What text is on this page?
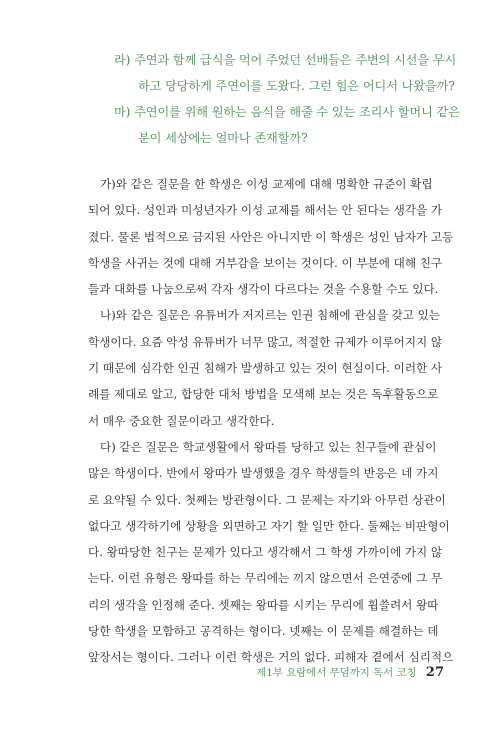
라) 주연과 함께 급식을 먹어 주었던 선배들은 주변의 시선을 무시
하고 당당하게 주연이를 도왔다. 그런 힘은 어디서 나왔을까?
마) 주연이를 위해 원하는 음식을 해줄 수 있는 조리사 할머니 같은
분이 세상에는 얼마나 존재할까?
가)와 같은 질문을 한 학생은 이성 교제에 대해 명확한 규준이 확립
되어 있다. 성인과 미성년자가 이성 교제를 해서는 안 된다는 생각을 가
졌다. 물론 법적으로 금지된 사안은 아니지만 이 학생은 성인 남자가 고등
학생을 사귀는 것에 대해 거부감을 보이는 것이다. 이 부분에 대해 친구
들과 대화를 나눔으로써 각자 생각이 다르다는 것을 수용할 수도 있다.
나)와 같은 질문은 유튜버가 저지르는 인권 침해에 관심을 갖고 있는
학생이다. 요즘 악성 유튜버가 너무 많고, 적절한 규제가 이루어지지 않
기 때문에 심각한 인권 침해가 발생하고 있는 것이 현실이다. 이러한 사
례를 제대로 알고, 합당한 대처 방법을 모색해 보는 것은 독후활동으로
서 매우 중요한 질문이라고 생각한다.
다) 같은 질문은 학교생활에서 왕따를 당하고 있는 친구들에 관심이
많은 학생이다. 반에서 왕따가 발생했을 경우 학생들의 반응은 네 가지
로 요약될 수 있다. 첫째는 방관형이다. 그 문제는 자기와 아무런 상관이
없다고 생각하기에 상황을 외면하고 자기 할 일만 한다. 둘째는 비판형이
다. 왕따당한 친구는 문제가 있다고 생각해서 그 학생 가까이에 가지 않
는다. 이런 유형은 왕따를 하는 무리에는 끼지 않으면서 은연중에 그 무
리의 생각을 인정해 준다. 셋째는 왕따를 시키는 무리에 휩쓸려서 왕따
당한 학생을 모함하고 공격하는 형이다. 넷째는 이 문제를 해결하는 데
앞장서는 형이다. 그러나 이런 학생은 거의 없다. 피해자 곁에서 심리적으
제1부 요람에서 무덤까지 독서 코칭 27
